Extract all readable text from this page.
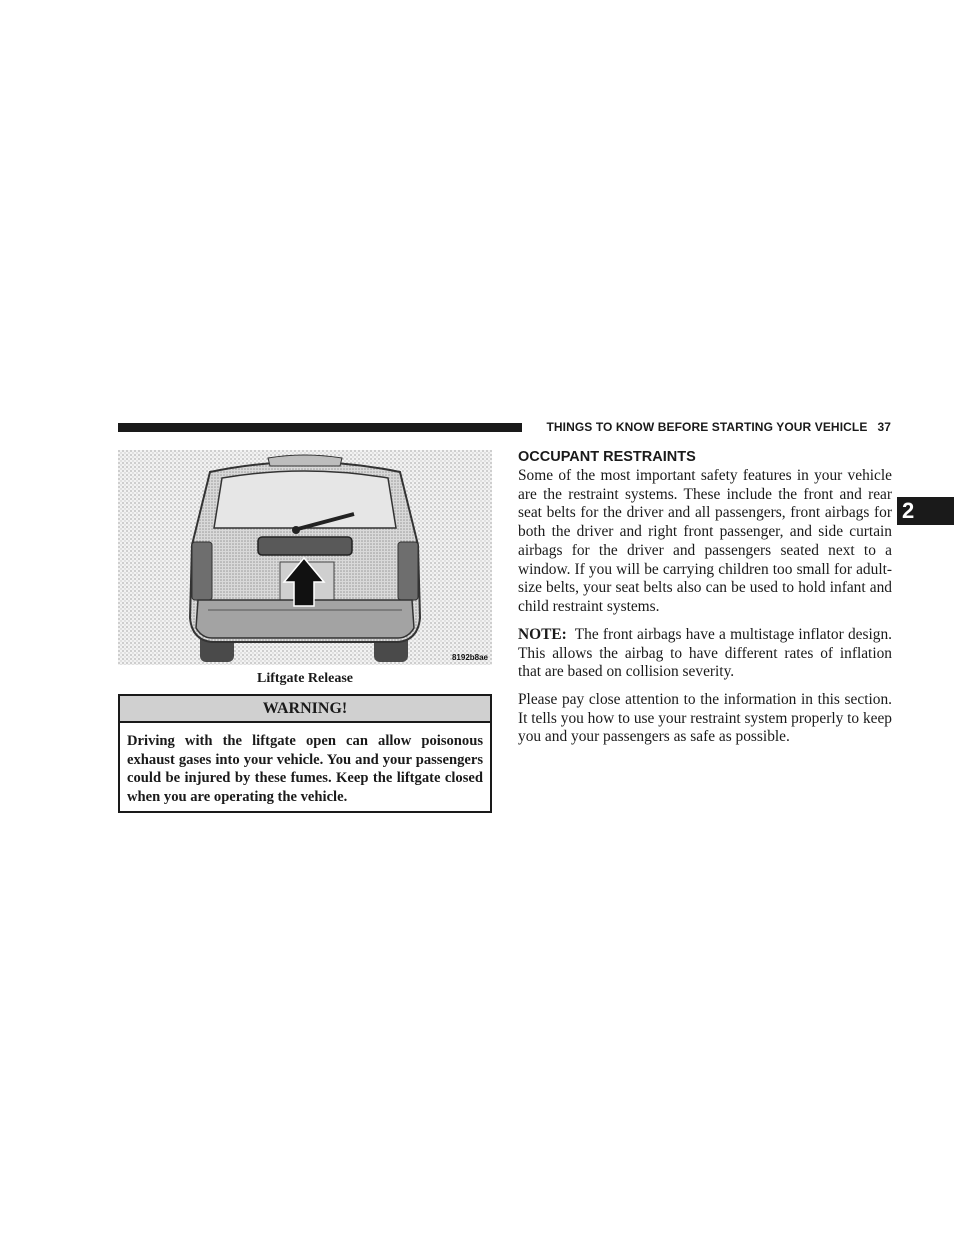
THINGS TO KNOW BEFORE STARTING YOUR VEHICLE 37
2
8192b8ae
Liftgate Release
WARNING!
Driving with the liftgate open can allow poisonous exhaust gases into your vehicle. You and your passengers could be injured by these fumes. Keep the liftgate closed when you are operating the vehicle.
OCCUPANT RESTRAINTS

Some of the most important safety features in your vehicle are the restraint systems. These include the front and rear seat belts for the driver and all passengers, front airbags for both the driver and right front passenger, and side curtain airbags for the driver and passengers seated next to a window. If you will be carrying children too small for adult-size belts, your seat belts also can be used to hold infant and child restraint systems.

NOTE: The front airbags have a multistage inflator design. This allows the airbag to have different rates of inflation that are based on collision severity.

Please pay close attention to the information in this section. It tells you how to use your restraint system properly to keep you and your passengers as safe as possible.
